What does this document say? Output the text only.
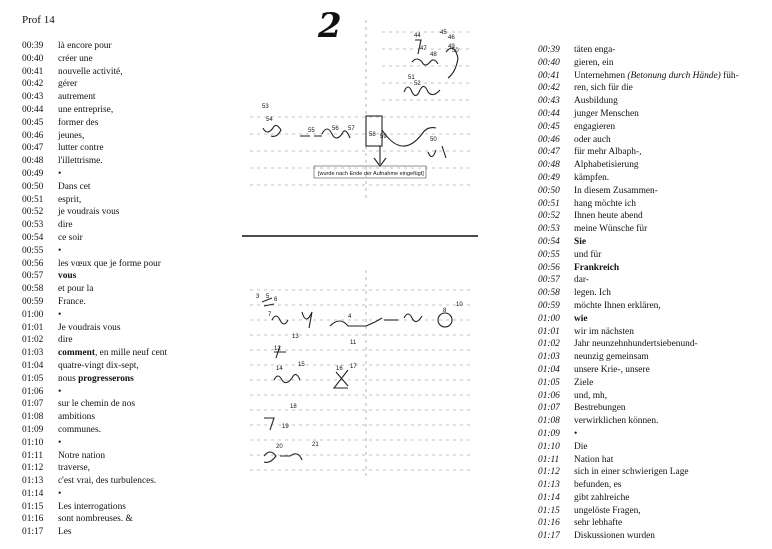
Prof 14	2
00:39	là encore pour
00:40	créer une
00:41	nouvelle activité,
00:42	gérer
00:43	autrement
00:44	une entreprise,
00:45	former des
00:46	jeunes,
00:47	lutter contre
00:48	l'illettrisme.
00:49	•
00:50	Dans cet
00:51	esprit,
00:52	je voudrais vous
00:53	dire
00:54	ce soir
00:55	•
00:56	les vœux que je forme pour
00:57	vous
00:58	et pour la
00:59	France.
01:00	•
01:01	Je voudrais vous
01:02	dire
01:03	comment, en mille neuf cent
01:04	quatre-vingt dix-sept,
01:05	nous progresserons
01:06	•
01:07	sur le chemin de nos
01:08	ambitions
01:09	communes.
01:10	•
01:11	Notre nation
01:12	traverse,
01:13	c'est vrai, des turbulences.
01:14	•
01:15	Les interrogations
01:16	sont nombreuses. &
01:17	Les
00:39	täten enga-
00:40	gieren, ein
00:41	Unternehmen (Betonung durch Hände) füh-
00:42	ren, sich für die
00:43	Ausbildung
00:44	junger Menschen
00:45	engagieren
00:46	oder auch
00:47	für mehr Albaph-,
00:48	Alphabetisierung
00:49	kämpfen.
00:50	In diesem Zusammen-
00:51	hang möchte ich
00:52	Ihnen heute abend
00:53	meine Wünsche für
00:54	Sie
00:55	und für
00:56	Frankreich
00:57	dar-
00:58	legen. Ich
00:59	möchte Ihnen erklären,
01:00	wie
01:01	wir im nächsten
01:02	Jahr neunzehnhundertsiebenund-
01:03	neunzig gemeinsam
01:04	unsere Krie-, unsere
01:05	Ziele
01:06	und, mh,
01:07	Bestrebungen
01:08	verwirklichen können.
01:09	•
01:10	Die
01:11	Nation hat
01:12	sich in einer schwierigen Lage
01:13	befunden, es
01:14	gibt zahlreiche
01:15	ungelöste Fragen,
01:16	sehr lebhafte
01:17	Diskussionen wurden
[wurde nach Ende der Aufnahme eingefügt]
44	45
46
47
48
49
50
51
52
53
54
55	56 57
58 59	50
3 5 6
7	4
8
10
11
12
13
14
15
16 17
18
19
20	21
